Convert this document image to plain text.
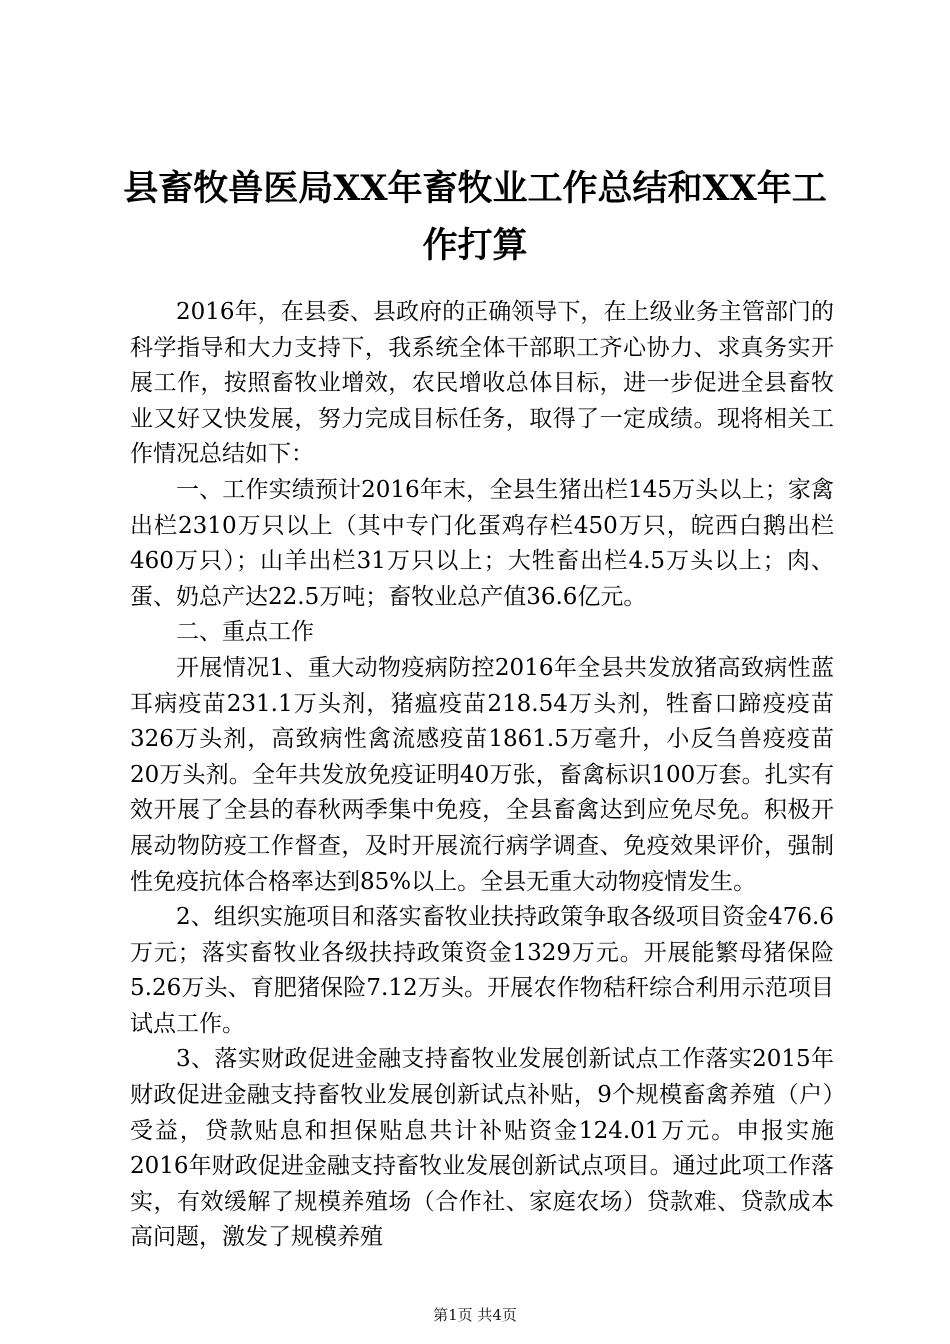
县畜牧兽医局XX年畜牧业工作总结和XX年工作打算

2016年，在县委、县政府的正确领导下，在上级业务主管部门的科学指导和大力支持下，我系统全体干部职工齐心协力、求真务实开展工作，按照畜牧业增效，农民增收总体目标，进一步促进全县畜牧业又好又快发展，努力完成目标任务，取得了一定成绩。现将相关工作情况总结如下：

一、工作实绩预计2016年末，全县生猪出栏145万头以上；家禽出栏2310万只以上（其中专门化蛋鸡存栏450万只，皖西白鹅出栏460万只）；山羊出栏31万只以上；大牲畜出栏4.5万头以上；肉、蛋、奶总产达22.5万吨；畜牧业总产值36.6亿元。

二、重点工作

开展情况1、重大动物疫病防控2016年全县共发放猪高致病性蓝耳病疫苗231.1万头剂，猪瘟疫苗218.54万头剂，牲畜口蹄疫疫苗326万头剂，高致病性禽流感疫苗1861.5万毫升，小反刍兽疫疫苗20万头剂。全年共发放免疫证明40万张，畜禽标识100万套。扎实有效开展了全县的春秋两季集中免疫，全县畜禽达到应免尽免。积极开展动物防疫工作督查，及时开展流行病学调查、免疫效果评价，强制性免疫抗体合格率达到85%以上。全县无重大动物疫情发生。

2、组织实施项目和落实畜牧业扶持政策争取各级项目资金476.6万元；落实畜牧业各级扶持政策资金1329万元。开展能繁母猪保险5.26万头、育肥猪保险7.12万头。开展农作物秸秆综合利用示范项目试点工作。

3、落实财政促进金融支持畜牧业发展创新试点工作落实2015年财政促进金融支持畜牧业发展创新试点补贴，9个规模畜禽养殖（户）受益，贷款贴息和担保贴息共计补贴资金124.01万元。申报实施2016年财政促进金融支持畜牧业发展创新试点项目。通过此项工作落实，有效缓解了规模养殖场（合作社、家庭农场）贷款难、贷款成本高问题，激发了规模养殖

第1页 共4页
